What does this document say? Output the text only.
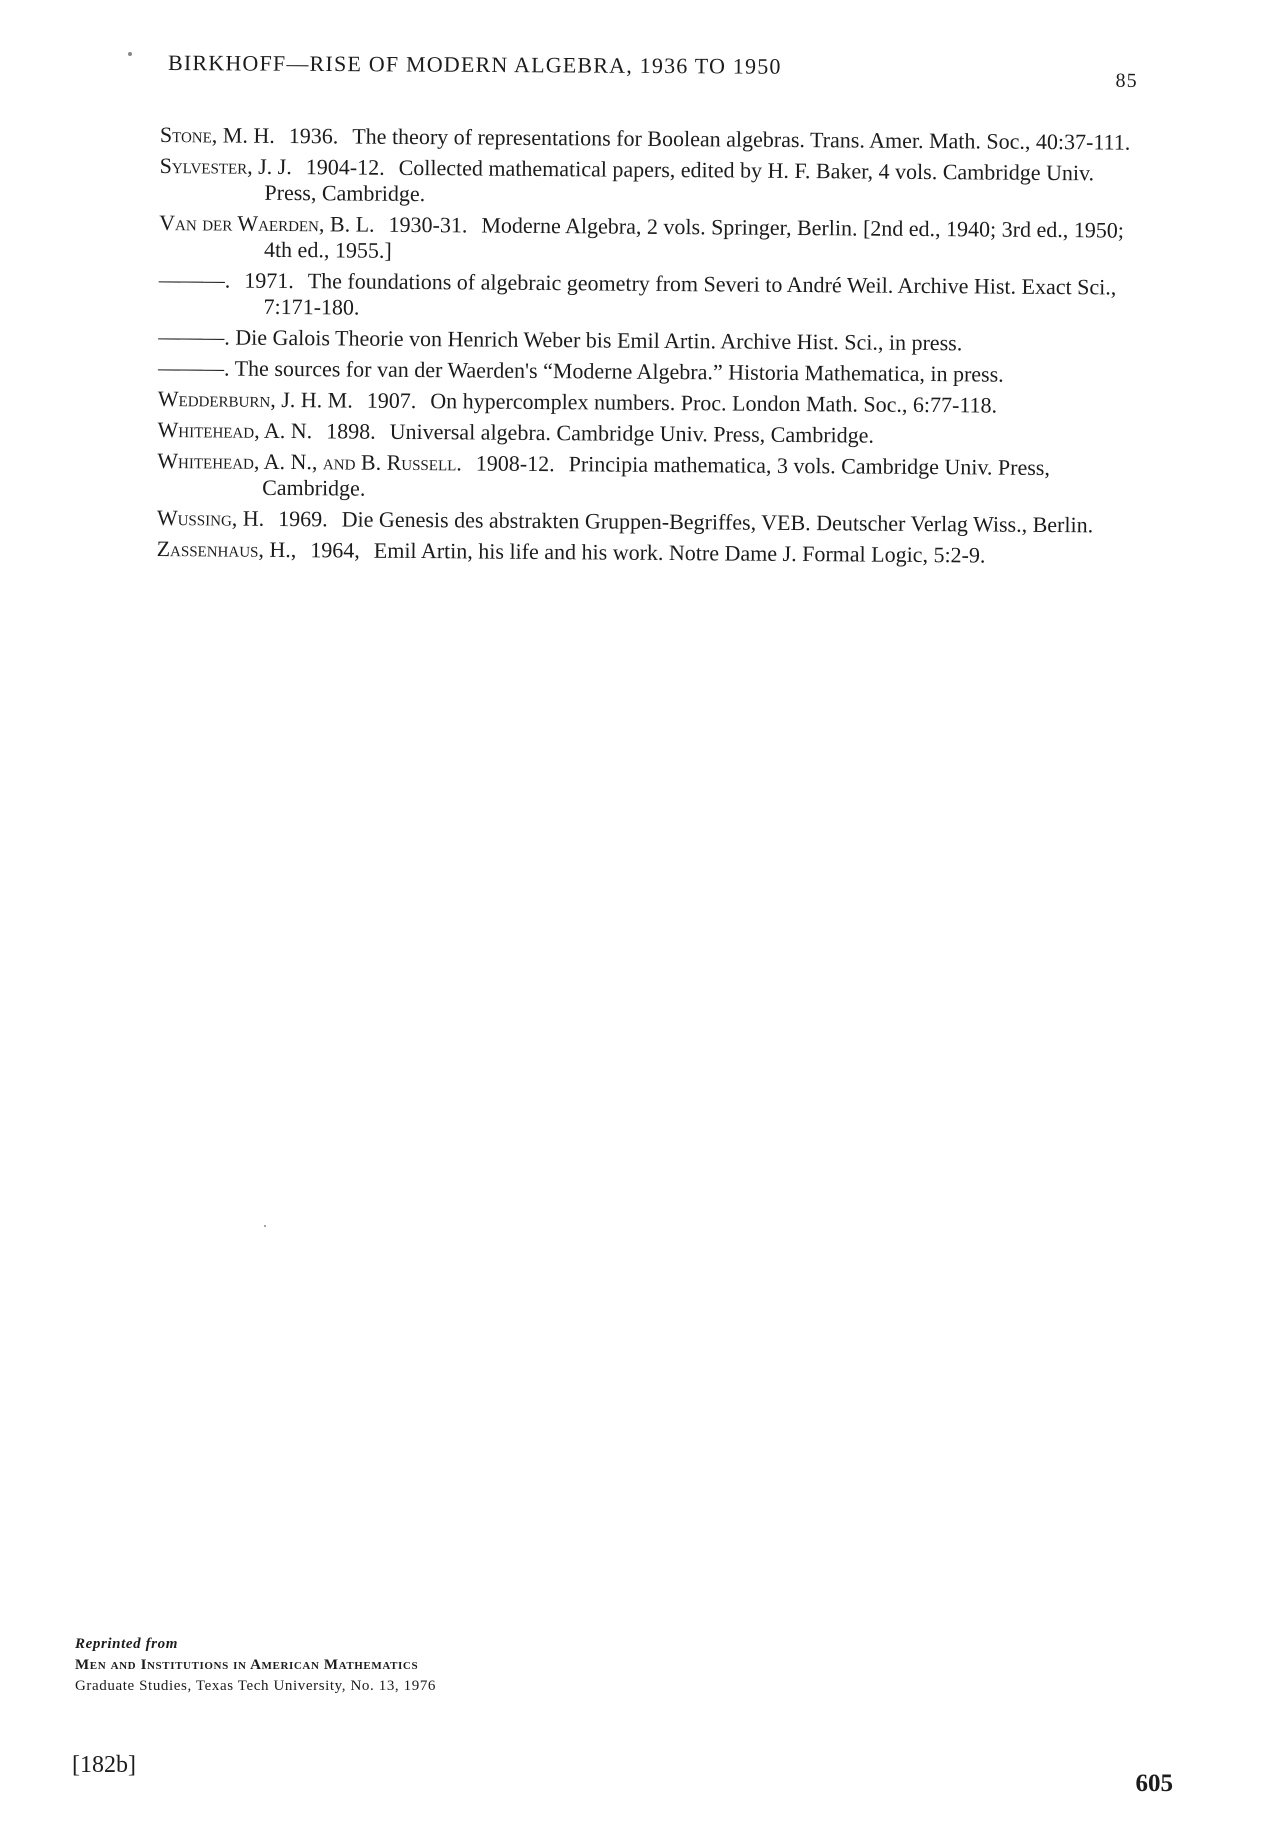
BIRKHOFF—RISE OF MODERN ALGEBRA, 1936 TO 1950
85

Stone, M. H. 1936. The theory of representations for Boolean algebras. Trans. Amer. Math. Soc., 40:37-111.

Sylvester, J. J. 1904-12. Collected mathematical papers, edited by H. F. Baker, 4 vols. Cambridge Univ. Press, Cambridge.

Van der Waerden, B. L. 1930-31. Moderne Algebra, 2 vols. Springer, Berlin. [2nd ed., 1940; 3rd ed., 1950; 4th ed., 1955.]

———. 1971. The foundations of algebraic geometry from Severi to André Weil. Archive Hist. Exact Sci., 7:171-180.

———. Die Galois Theorie von Henrich Weber bis Emil Artin. Archive Hist. Sci., in press.

———. The sources for van der Waerden's “Moderne Algebra.” Historia Mathematica, in press.

Wedderburn, J. H. M. 1907. On hypercomplex numbers. Proc. London Math. Soc., 6:77-118.

Whitehead, A. N. 1898. Universal algebra. Cambridge Univ. Press, Cambridge.

Whitehead, A. N., and B. Russell. 1908-12. Principia mathematica, 3 vols. Cambridge Univ. Press, Cambridge.

Wussing, H. 1969. Die Genesis des abstrakten Gruppen-Begriffes, VEB. Deutscher Verlag Wiss., Berlin.

Zassenhaus, H., 1964, Emil Artin, his life and his work. Notre Dame J. Formal Logic, 5:2-9.

Reprinted from
Men and Institutions in American Mathematics
Graduate Studies, Texas Tech University, No. 13, 1976
[182b]
605
